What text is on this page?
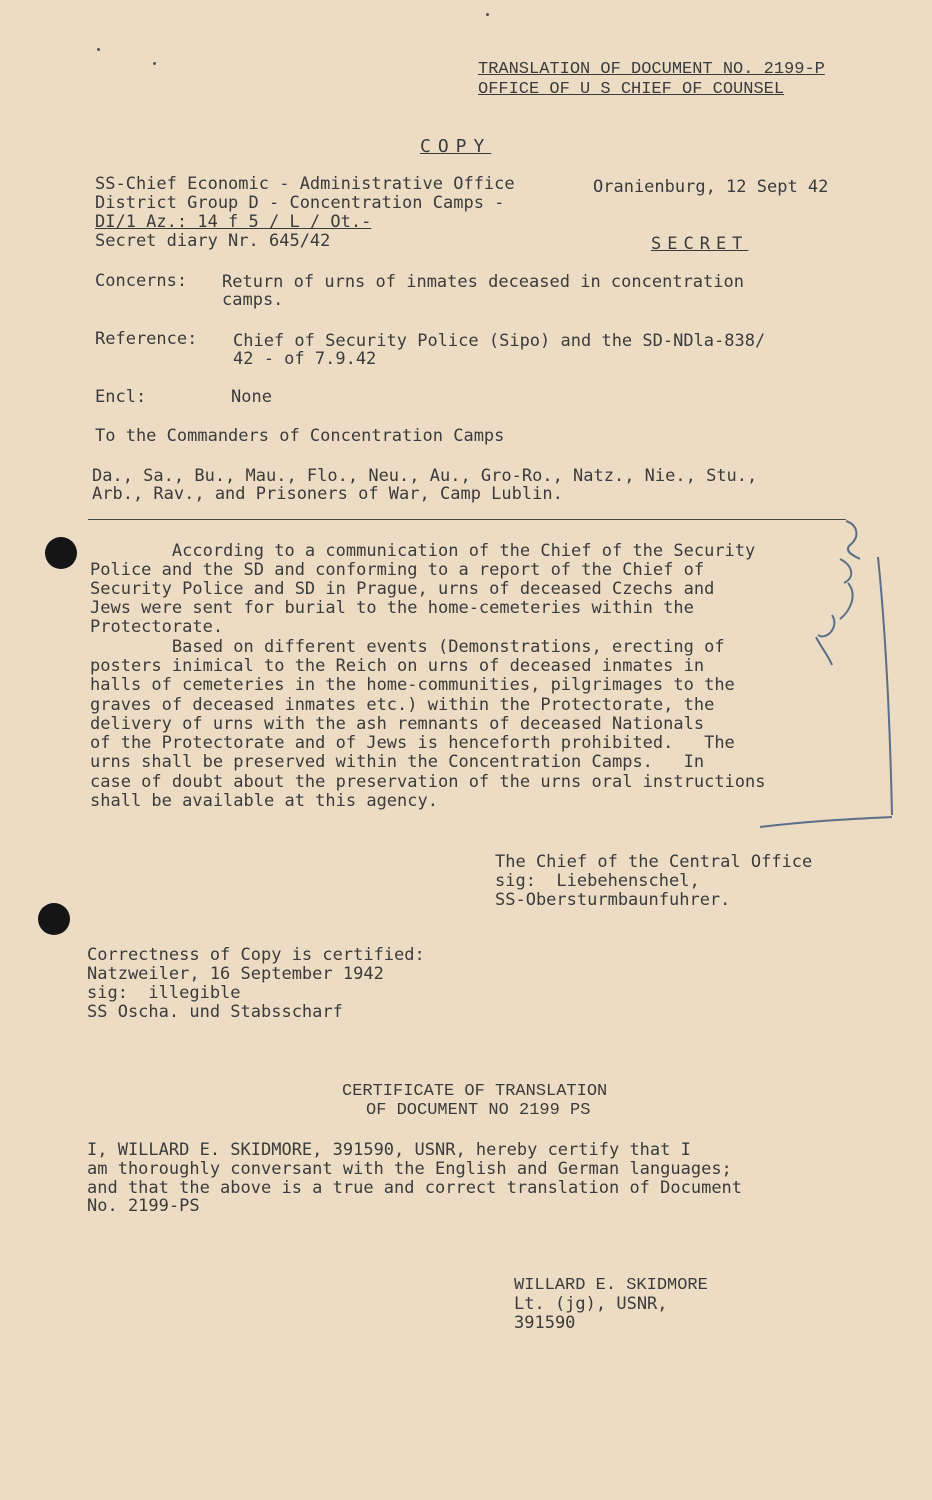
TRANSLATION OF DOCUMENT NO. 2199-P
OFFICE OF U S CHIEF OF COUNSEL
COPY
SS-Chief Economic - Administrative Office	Oranienburg, 12 Sept 42
District Group D - Concentration Camps -
DI/1 Az.: 14 f 5 / L / Ot.-
Secret diary Nr. 645/42	SECRET
Concerns: Return of urns of inmates deceased in concentration
camps.
Reference: Chief of Security Police (Sipo) and the SD-NDla-838/
42 - of 7.9.42
Encl:	None
To the Commanders of Concentration Camps
Da., Sa., Bu., Mau., Flo., Neu., Au., Gro-Ro., Natz., Nie., Stu.,
Arb., Rav., and Prisoners of War, Camp Lublin.
According to a communication of the Chief of the Security
Police and the SD and conforming to a report of the Chief of
Security Police and SD in Prague, urns of deceased Czechs and
Jews were sent for burial to the home-cemeteries within the
Protectorate.
Based on different events (Demonstrations, erecting of
posters inimical to the Reich on urns of deceased inmates in
halls of cemeteries in the home-communities, pilgrimages to the
graves of deceased inmates etc.) within the Protectorate, the
delivery of urns with the ash remnants of deceased Nationals
of the Protectorate and of Jews is henceforth prohibited.   The
urns shall be preserved within the Concentration Camps.   In
case of doubt about the preservation of the urns oral instructions
shall be available at this agency.
The Chief of the Central Office
sig:  Liebehenschel,
SS-Obersturmbaunfuhrer.
Correctness of Copy is certified:
Natzweiler, 16 September 1942
sig:  illegible
SS Oscha. und Stabsscharf
CERTIFICATE OF TRANSLATION
OF DOCUMENT NO 2199 PS
I, WILLARD E. SKIDMORE, 391590, USNR, hereby certify that I
am thoroughly conversant with the English and German languages;
and that the above is a true and correct translation of Document
No. 2199-PS
WILLARD E. SKIDMORE
Lt. (jg), USNR,
391590
